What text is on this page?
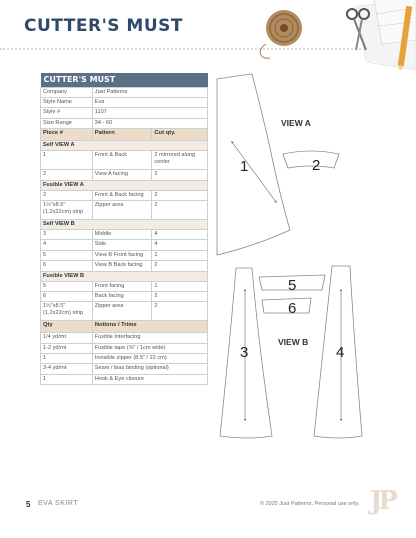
CUTTER'S MUST
CUTTER'S MUST		
Company	Just Patterns	
Style Name	Eva	
Style #	1107	
Size Range	34 - 60	
Piece #	Pattern	Cut qty.
Self VIEW A		
1	Front & Back	2 mirrored along center
2	View A facing	2
Fusible VIEW A		
2	Front & Back facing	2
1½"x8.5" (1.2x22cm) strip	Zipper area	2
Self VIEW B		
3	Middle	4
4	Side	4
5	View B Front facing	1
6	View B Back facing	2
Fusible VIEW B		
5	Front facing	1
6	Back facing	2
1½"x8.5" (1.2x22cm) strip	Zipper area	2
Qty	Notions / Trims	
1/4 yd/mt	Fusible Interfacing	
1-2 yd/mt	Fusible tape (⅜" / 1cm wide)	
1	Invisible zipper (8.5" / 22 cm)	
3-4 yd/mt	Seam / bias binding (optional)	
1	Hook & Eye closure	
1	2
VIEW A
3	4
5
6
VIEW B
5 EVA SKIRT	© 2025 Just Patterns. Personal use only. JP
